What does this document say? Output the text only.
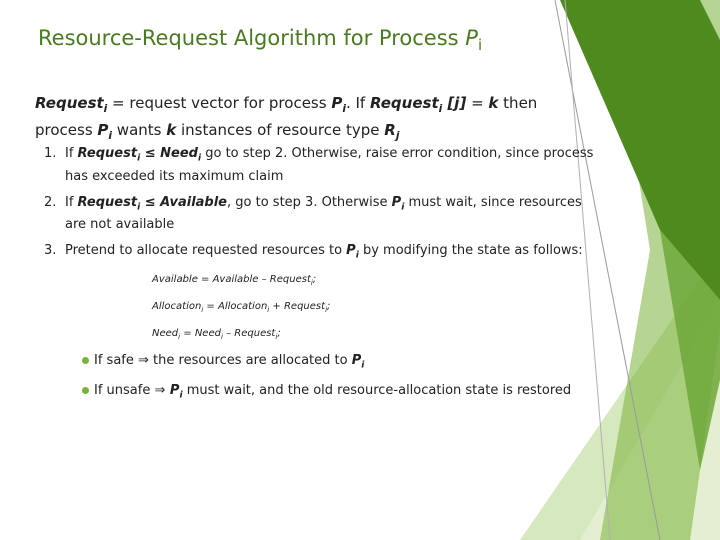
Resource-Request Algorithm for Process $P_i$
Request$_i$ = request vector for process $P_i$. If Request$_i$ [j] = k then process $P_i$ wants k instances of resource type $R_j$
1. If Request$_i$ ≤ Need$_i$ go to step 2. Otherwise, raise error condition, since process has exceeded its maximum claim
2. If Request$_i$ ≤ Available, go to step 3. Otherwise $P_i$ must wait, since resources are not available
3. Pretend to allocate requested resources to $P_i$ by modifying the state as follows:
Available = Available – Request$_i$;
Allocation$_i$ = Allocation$_i$ + Request$_i$;
Need$_i$ = Need$_i$ – Request$_i$;
If safe ⇒ the resources are allocated to $P_i$
If unsafe ⇒ $P_i$ must wait, and the old resource-allocation state is restored
